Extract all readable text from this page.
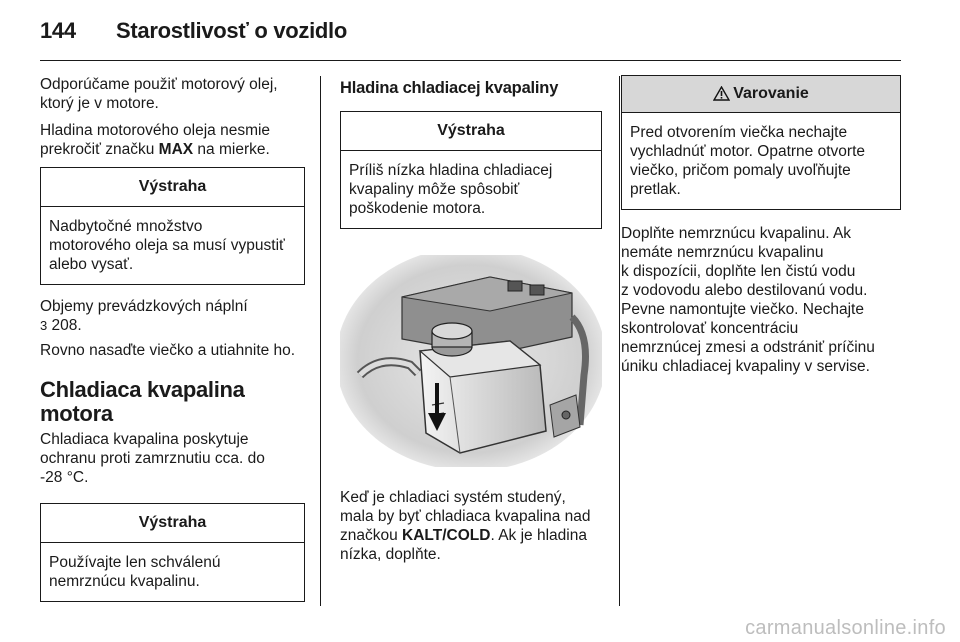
144 Starostlivosť o vozidlo

Odporúčame použiť motorový olej,
ktorý je v motore.

Hladina motorového oleja nesmie
prekročiť značku MAX na mierke.

Výstraha
Nadbytočné množstvo
motorového oleja sa musí vypustiť
alebo vysať.

Objemy prevádzkových náplní
3 208.

Rovno nasaďte viečko a utiahnite ho.

Chladiaca kvapalina
motora

Chladiaca kvapalina poskytuje
ochranu proti zamrznutiu cca. do
-28 °C.

Výstraha
Používajte len schválenú
nemrznúcu kvapalinu.
Hladina chladiacej kvapaliny
Výstraha
Príliš nízka hladina chladiacej
kvapaliny môže spôsobiť
poškodenie motora.

Keď je chladiaci systém studený,
mala by byť chladiaca kvapalina nad
značkou KALT/COLD. Ak je hladina
nízka, doplňte.

Varovanie
Pred otvorením viečka nechajte
vychladnúť motor. Opatrne otvorte
viečko, pričom pomaly uvoľňujte
pretlak.

Doplňte nemrznúcu kvapalinu. Ak
nemáte nemrznúcu kvapalinu
k dispozícii, doplňte len čistú vodu
z vodovodu alebo destilovanú vodu.
Pevne namontujte viečko. Nechajte
skontrolovať koncentráciu
nemrznúcej zmesi a odstrániť príčinu
úniku chladiacej kvapaliny v servise.

carmanualsonline.info
